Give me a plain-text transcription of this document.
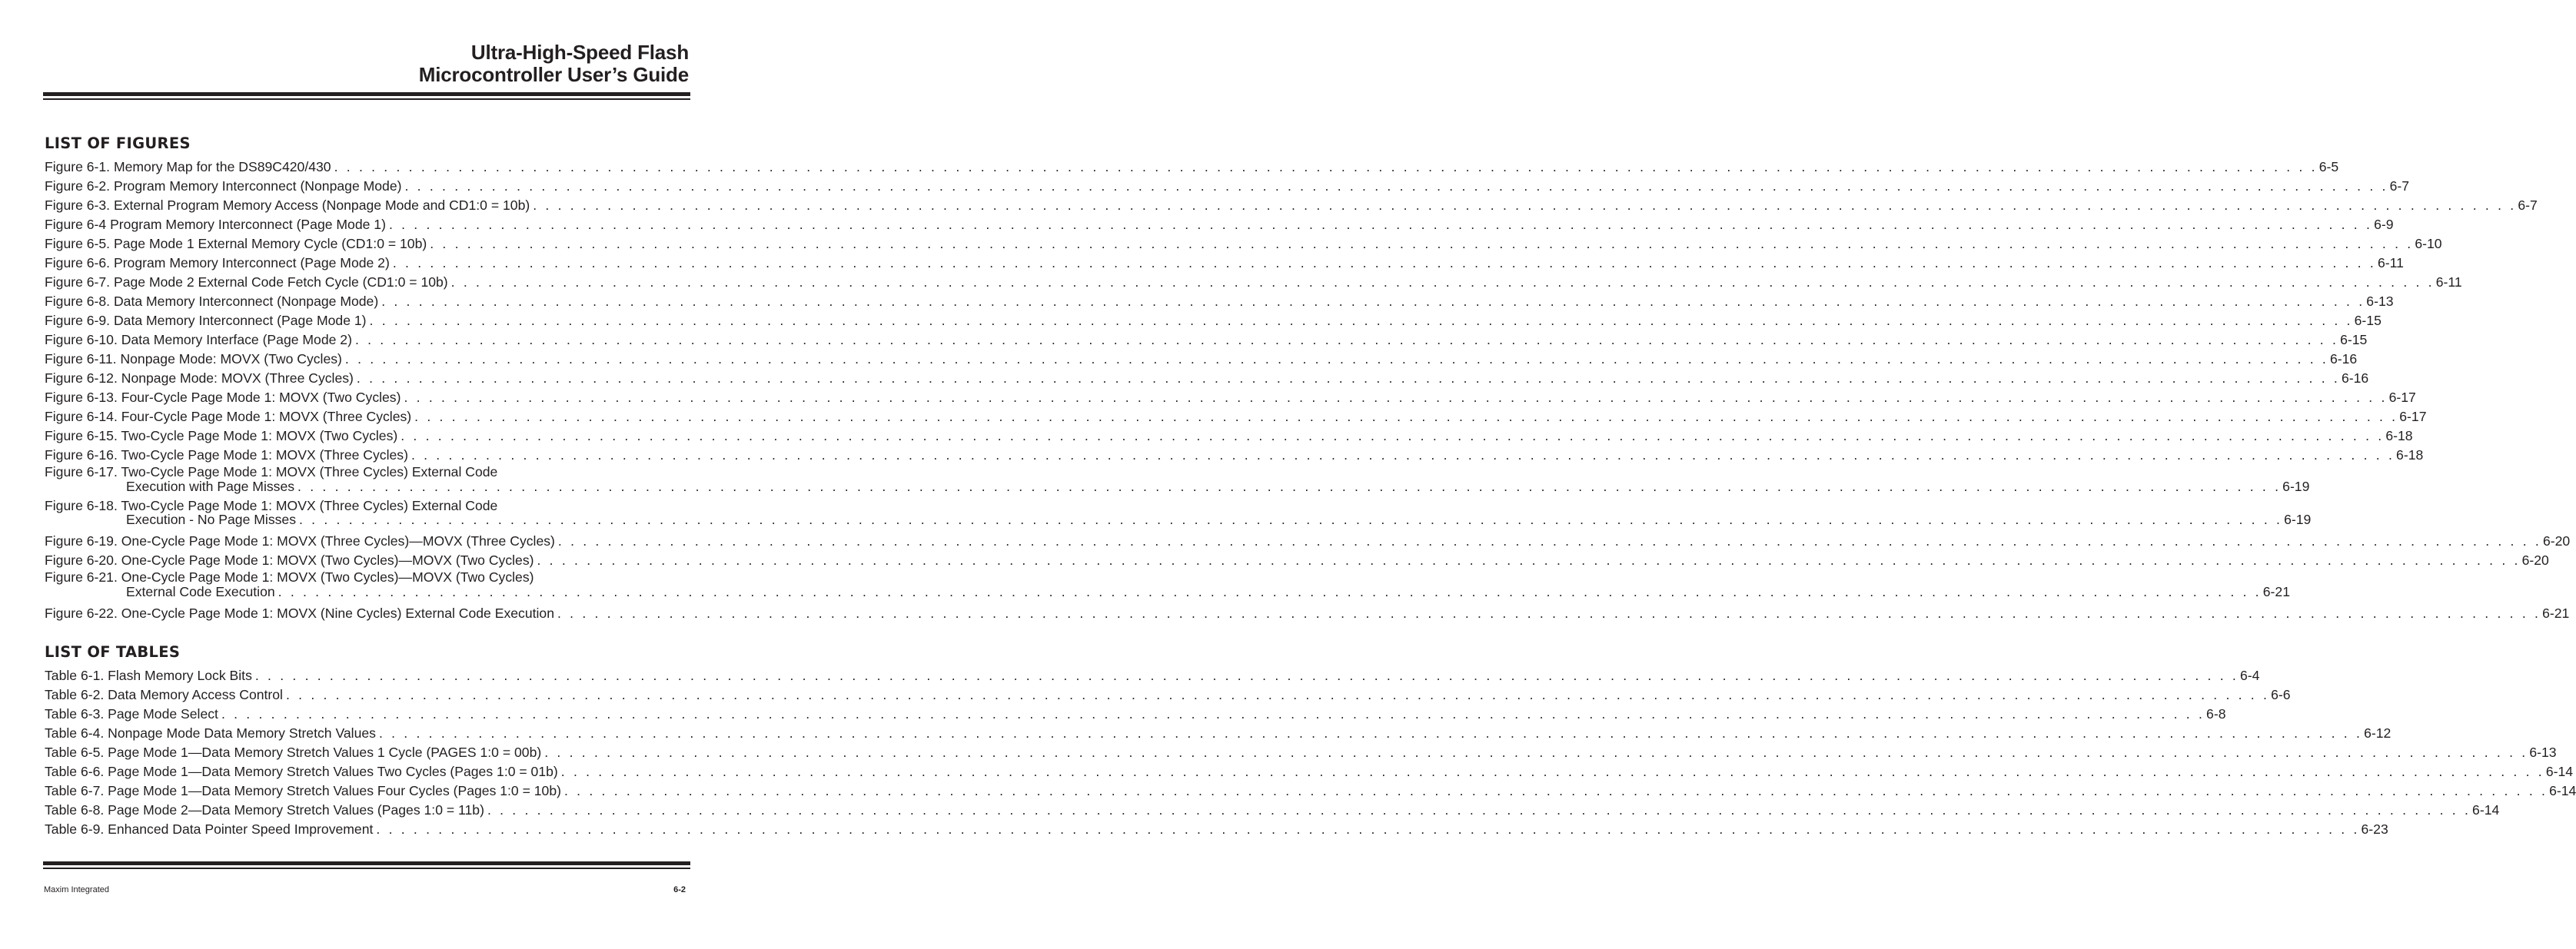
Ultra-High-Speed Flash
Microcontroller User’s Guide
LIST OF FIGURES
Figure 6-1. Memory Map for the DS89C420/430 . . . . . . . . . . . . . . . . . . . . . . . . . . . . . . . . . . . . . . . . . . . . . . . . . . . . . . . . . . . . . . . . . . . . . . . . . . . . . . . . . . . . . . . . . . . . . . . . . . . . . . . . . . . . . . . . . . . . . . . . . . . . . . . . . . . . . . . . . . . . . . . . . . . . . . . . . . . . . . . . 6-5
Figure 6-2. Program Memory Interconnect (Nonpage Mode) . . . . . . . . . . . . . . . . . . . . . . . . . . . . . . . . . . . . . . . . . . . . . . . . . . . . . . . . . . . . . . . . . . . . . . . . . . . . . . . . . . . . . . . . . . . . . . . . . . . . . . . . . . . . . . . . . . . . . . . . . . . . . . . . . . . . . . . . . . . . . . . . . . . . . . . . . . . . . . . . 6-7
Figure 6-3. External Program Memory Access (Nonpage Mode and CD1:0 = 10b) . . . . . . . . . . . . . . . . . . . . . . . . . . . . . . . . . . . . . . . . . . . . . . . . . . . . . . . . . . . . . . . . . . . . . . . . . . . . . . . . . . . . . . . . . . . . . . . . . . . . . . . . . . . . . . . . . . . . . . . . . . . . . . . . . . . . . . . . . . . . . . . . . . . . . . . . . . . . . . . . 6-7
Figure 6-4 Program Memory Interconnect (Page Mode 1) . . . . . . . . . . . . . . . . . . . . . . . . . . . . . . . . . . . . . . . . . . . . . . . . . . . . . . . . . . . . . . . . . . . . . . . . . . . . . . . . . . . . . . . . . . . . . . . . . . . . . . . . . . . . . . . . . . . . . . . . . . . . . . . . . . . . . . . . . . . . . . . . . . . . . . . . . . . . . . . . 6-9
Figure 6-5. Page Mode 1 External Memory Cycle (CD1:0 = 10b) . . . . . . . . . . . . . . . . . . . . . . . . . . . . . . . . . . . . . . . . . . . . . . . . . . . . . . . . . . . . . . . . . . . . . . . . . . . . . . . . . . . . . . . . . . . . . . . . . . . . . . . . . . . . . . . . . . . . . . . . . . . . . . . . . . . . . . . . . . . . . . . . . . . . . . . . . . . . . . . . 6-10
Figure 6-6. Program Memory Interconnect (Page Mode 2) . . . . . . . . . . . . . . . . . . . . . . . . . . . . . . . . . . . . . . . . . . . . . . . . . . . . . . . . . . . . . . . . . . . . . . . . . . . . . . . . . . . . . . . . . . . . . . . . . . . . . . . . . . . . . . . . . . . . . . . . . . . . . . . . . . . . . . . . . . . . . . . . . . . . . . . . . . . . . . . . 6-11
Figure 6-7. Page Mode 2 External Code Fetch Cycle (CD1:0 = 10b) . . . . . . . . . . . . . . . . . . . . . . . . . . . . . . . . . . . . . . . . . . . . . . . . . . . . . . . . . . . . . . . . . . . . . . . . . . . . . . . . . . . . . . . . . . . . . . . . . . . . . . . . . . . . . . . . . . . . . . . . . . . . . . . . . . . . . . . . . . . . . . . . . . . . . . . . . . . . . . . . 6-11
Figure 6-8. Data Memory Interconnect (Nonpage Mode) . . . . . . . . . . . . . . . . . . . . . . . . . . . . . . . . . . . . . . . . . . . . . . . . . . . . . . . . . . . . . . . . . . . . . . . . . . . . . . . . . . . . . . . . . . . . . . . . . . . . . . . . . . . . . . . . . . . . . . . . . . . . . . . . . . . . . . . . . . . . . . . . . . . . . . . . . . . . . . . . 6-13
Figure 6-9. Data Memory Interconnect (Page Mode 1) . . . . . . . . . . . . . . . . . . . . . . . . . . . . . . . . . . . . . . . . . . . . . . . . . . . . . . . . . . . . . . . . . . . . . . . . . . . . . . . . . . . . . . . . . . . . . . . . . . . . . . . . . . . . . . . . . . . . . . . . . . . . . . . . . . . . . . . . . . . . . . . . . . . . . . . . . . . . . . . . 6-15
Figure 6-10. Data Memory Interface (Page Mode 2) . . . . . . . . . . . . . . . . . . . . . . . . . . . . . . . . . . . . . . . . . . . . . . . . . . . . . . . . . . . . . . . . . . . . . . . . . . . . . . . . . . . . . . . . . . . . . . . . . . . . . . . . . . . . . . . . . . . . . . . . . . . . . . . . . . . . . . . . . . . . . . . . . . . . . . . . . . . . . . . . 6-15
Figure 6-11. Nonpage Mode: MOVX (Two Cycles) . . . . . . . . . . . . . . . . . . . . . . . . . . . . . . . . . . . . . . . . . . . . . . . . . . . . . . . . . . . . . . . . . . . . . . . . . . . . . . . . . . . . . . . . . . . . . . . . . . . . . . . . . . . . . . . . . . . . . . . . . . . . . . . . . . . . . . . . . . . . . . . . . . . . . . . . . . . . . . . . 6-16
Figure 6-12. Nonpage Mode: MOVX (Three Cycles) . . . . . . . . . . . . . . . . . . . . . . . . . . . . . . . . . . . . . . . . . . . . . . . . . . . . . . . . . . . . . . . . . . . . . . . . . . . . . . . . . . . . . . . . . . . . . . . . . . . . . . . . . . . . . . . . . . . . . . . . . . . . . . . . . . . . . . . . . . . . . . . . . . . . . . . . . . . . . . . . 6-16
Figure 6-13. Four-Cycle Page Mode 1: MOVX (Two Cycles) . . . . . . . . . . . . . . . . . . . . . . . . . . . . . . . . . . . . . . . . . . . . . . . . . . . . . . . . . . . . . . . . . . . . . . . . . . . . . . . . . . . . . . . . . . . . . . . . . . . . . . . . . . . . . . . . . . . . . . . . . . . . . . . . . . . . . . . . . . . . . . . . . . . . . . . . . . . . . . . . 6-17
Figure 6-14. Four-Cycle Page Mode 1: MOVX (Three Cycles) . . . . . . . . . . . . . . . . . . . . . . . . . . . . . . . . . . . . . . . . . . . . . . . . . . . . . . . . . . . . . . . . . . . . . . . . . . . . . . . . . . . . . . . . . . . . . . . . . . . . . . . . . . . . . . . . . . . . . . . . . . . . . . . . . . . . . . . . . . . . . . . . . . . . . . . . . . . . . . . . 6-17
Figure 6-15. Two-Cycle Page Mode 1: MOVX (Two Cycles) . . . . . . . . . . . . . . . . . . . . . . . . . . . . . . . . . . . . . . . . . . . . . . . . . . . . . . . . . . . . . . . . . . . . . . . . . . . . . . . . . . . . . . . . . . . . . . . . . . . . . . . . . . . . . . . . . . . . . . . . . . . . . . . . . . . . . . . . . . . . . . . . . . . . . . . . . . . . . . . . 6-18
Figure 6-16. Two-Cycle Page Mode 1: MOVX (Three Cycles) . . . . . . . . . . . . . . . . . . . . . . . . . . . . . . . . . . . . . . . . . . . . . . . . . . . . . . . . . . . . . . . . . . . . . . . . . . . . . . . . . . . . . . . . . . . . . . . . . . . . . . . . . . . . . . . . . . . . . . . . . . . . . . . . . . . . . . . . . . . . . . . . . . . . . . . . . . . . . . . . 6-18
Figure 6-17. Two-Cycle Page Mode 1: MOVX (Three Cycles) External Code
Execution with Page Misses . . . . . . . . . . . . . . . . . . . . . . . . . . . . . . . . . . . . . . . . . . . . . . . . . . . . . . . . . . . . . . . . . . . . . . . . . . . . . . . . . . . . . . . . . . . . . . . . . . . . . . . . . . . . . . . . . . . . . . . . . . . . . . . . . . . . . . . . . . . . . . . . . . . . . . . . . . . . . . . . 6-19
Figure 6-18. Two-Cycle Page Mode 1: MOVX (Three Cycles) External Code
Execution - No Page Misses . . . . . . . . . . . . . . . . . . . . . . . . . . . . . . . . . . . . . . . . . . . . . . . . . . . . . . . . . . . . . . . . . . . . . . . . . . . . . . . . . . . . . . . . . . . . . . . . . . . . . . . . . . . . . . . . . . . . . . . . . . . . . . . . . . . . . . . . . . . . . . . . . . . . . . . . . . . . . . . . 6-19
Figure 6-19. One-Cycle Page Mode 1: MOVX (Three Cycles)—MOVX (Three Cycles) . . . . . . . . . . . . . . . . . . . . . . . . . . . . . . . . . . . . . . . . . . . . . . . . . . . . . . . . . . . . . . . . . . . . . . . . . . . . . . . . . . . . . . . . . . . . . . . . . . . . . . . . . . . . . . . . . . . . . . . . . . . . . . . . . . . . . . . . . . . . . . . . . . . . . . . . . . . . . . . . 6-20
Figure 6-20. One-Cycle Page Mode 1: MOVX (Two Cycles)—MOVX (Two Cycles) . . . . . . . . . . . . . . . . . . . . . . . . . . . . . . . . . . . . . . . . . . . . . . . . . . . . . . . . . . . . . . . . . . . . . . . . . . . . . . . . . . . . . . . . . . . . . . . . . . . . . . . . . . . . . . . . . . . . . . . . . . . . . . . . . . . . . . . . . . . . . . . . . . . . . . . . . . . . . . . . 6-20
Figure 6-21. One-Cycle Page Mode 1: MOVX (Two Cycles)—MOVX (Two Cycles)
External Code Execution . . . . . . . . . . . . . . . . . . . . . . . . . . . . . . . . . . . . . . . . . . . . . . . . . . . . . . . . . . . . . . . . . . . . . . . . . . . . . . . . . . . . . . . . . . . . . . . . . . . . . . . . . . . . . . . . . . . . . . . . . . . . . . . . . . . . . . . . . . . . . . . . . . . . . . . . . . . . . . . . 6-21
Figure 6-22. One-Cycle Page Mode 1: MOVX (Nine Cycles) External Code Execution . . . . . . . . . . . . . . . . . . . . . . . . . . . . . . . . . . . . . . . . . . . . . . . . . . . . . . . . . . . . . . . . . . . . . . . . . . . . . . . . . . . . . . . . . . . . . . . . . . . . . . . . . . . . . . . . . . . . . . . . . . . . . . . . . . . . . . . . . . . . . . . . . . . . . . . . . . . . . . . . 6-21
LIST OF TABLES
Table 6-1. Flash Memory Lock Bits . . . . . . . . . . . . . . . . . . . . . . . . . . . . . . . . . . . . . . . . . . . . . . . . . . . . . . . . . . . . . . . . . . . . . . . . . . . . . . . . . . . . . . . . . . . . . . . . . . . . . . . . . . . . . . . . . . . . . . . . . . . . . . . . . . . . . . . . . . . . . . . . . . . . . . . . . . . . . . . . 6-4
Table 6-2. Data Memory Access Control . . . . . . . . . . . . . . . . . . . . . . . . . . . . . . . . . . . . . . . . . . . . . . . . . . . . . . . . . . . . . . . . . . . . . . . . . . . . . . . . . . . . . . . . . . . . . . . . . . . . . . . . . . . . . . . . . . . . . . . . . . . . . . . . . . . . . . . . . . . . . . . . . . . . . . . . . . . . . . . . 6-6
Table 6-3. Page Mode Select . . . . . . . . . . . . . . . . . . . . . . . . . . . . . . . . . . . . . . . . . . . . . . . . . . . . . . . . . . . . . . . . . . . . . . . . . . . . . . . . . . . . . . . . . . . . . . . . . . . . . . . . . . . . . . . . . . . . . . . . . . . . . . . . . . . . . . . . . . . . . . . . . . . . . . . . . . . . . . . . 6-8
Table 6-4. Nonpage Mode Data Memory Stretch Values . . . . . . . . . . . . . . . . . . . . . . . . . . . . . . . . . . . . . . . . . . . . . . . . . . . . . . . . . . . . . . . . . . . . . . . . . . . . . . . . . . . . . . . . . . . . . . . . . . . . . . . . . . . . . . . . . . . . . . . . . . . . . . . . . . . . . . . . . . . . . . . . . . . . . . . . . . . . . . . . 6-12
Table 6-5. Page Mode 1—Data Memory Stretch Values 1 Cycle (PAGES 1:0 = 00b) . . . . . . . . . . . . . . . . . . . . . . . . . . . . . . . . . . . . . . . . . . . . . . . . . . . . . . . . . . . . . . . . . . . . . . . . . . . . . . . . . . . . . . . . . . . . . . . . . . . . . . . . . . . . . . . . . . . . . . . . . . . . . . . . . . . . . . . . . . . . . . . . . . . . . . . . . . . . . . . . 6-13
Table 6-6. Page Mode 1—Data Memory Stretch Values Two Cycles (Pages 1:0 = 01b) . . . . . . . . . . . . . . . . . . . . . . . . . . . . . . . . . . . . . . . . . . . . . . . . . . . . . . . . . . . . . . . . . . . . . . . . . . . . . . . . . . . . . . . . . . . . . . . . . . . . . . . . . . . . . . . . . . . . . . . . . . . . . . . . . . . . . . . . . . . . . . . . . . . . . . . . . . . . . . . . 6-14
Table 6-7. Page Mode 1—Data Memory Stretch Values Four Cycles (Pages 1:0 = 10b) . . . . . . . . . . . . . . . . . . . . . . . . . . . . . . . . . . . . . . . . . . . . . . . . . . . . . . . . . . . . . . . . . . . . . . . . . . . . . . . . . . . . . . . . . . . . . . . . . . . . . . . . . . . . . . . . . . . . . . . . . . . . . . . . . . . . . . . . . . . . . . . . . . . . . . . . . . . . . . . . 6-14
Table 6-8. Page Mode 2—Data Memory Stretch Values (Pages 1:0 = 11b) . . . . . . . . . . . . . . . . . . . . . . . . . . . . . . . . . . . . . . . . . . . . . . . . . . . . . . . . . . . . . . . . . . . . . . . . . . . . . . . . . . . . . . . . . . . . . . . . . . . . . . . . . . . . . . . . . . . . . . . . . . . . . . . . . . . . . . . . . . . . . . . . . . . . . . . . . . . . . . . . 6-14
Table 6-9. Enhanced Data Pointer Speed Improvement . . . . . . . . . . . . . . . . . . . . . . . . . . . . . . . . . . . . . . . . . . . . . . . . . . . . . . . . . . . . . . . . . . . . . . . . . . . . . . . . . . . . . . . . . . . . . . . . . . . . . . . . . . . . . . . . . . . . . . . . . . . . . . . . . . . . . . . . . . . . . . . . . . . . . . . . . . . . . . . . 6-23
Maxim Integrated	6-2
